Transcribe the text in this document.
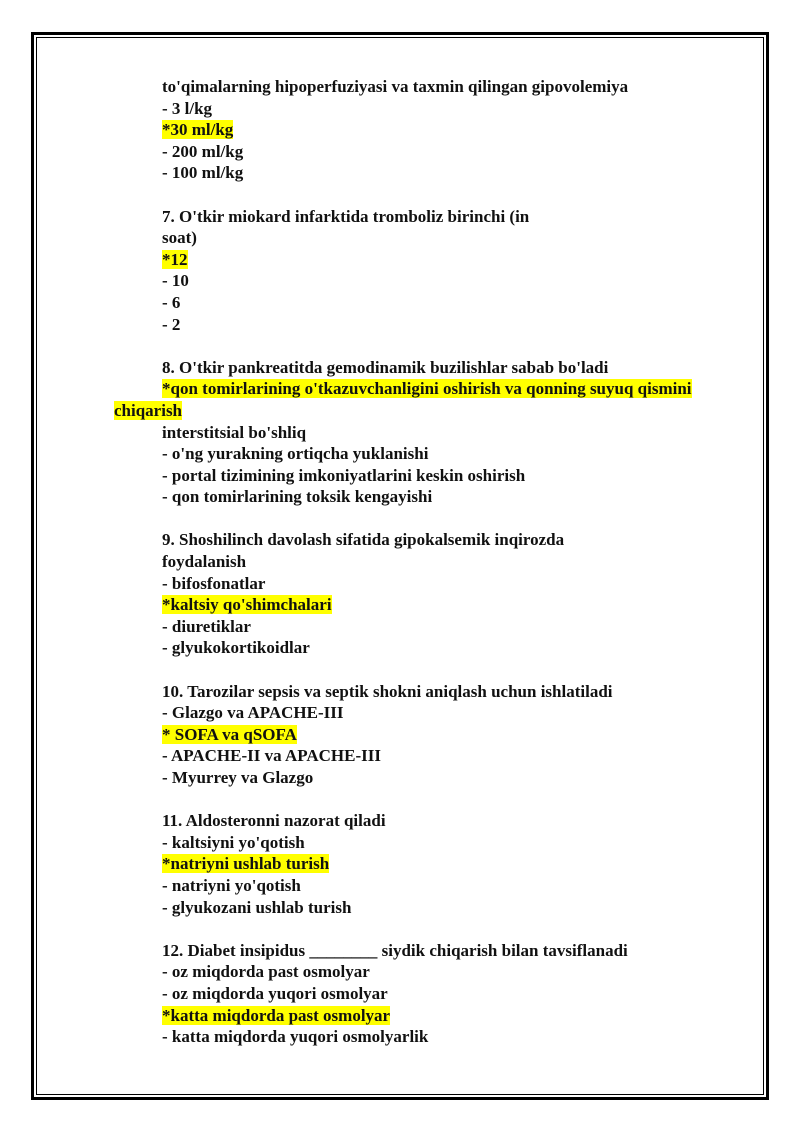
to'qimalarning hipoperfuziyasi va taxmin qilingan gipovolemiya
- 3 l/kg
*30 ml/kg
- 200 ml/kg
- 100 ml/kg
7. O'tkir miokard infarktida tromboliz birinchi (in
soat)
*12
- 10
- 6
- 2
8. O'tkir pankreatitda gemodinamik buzilishlar sabab bo'ladi
*qon tomirlarining o'tkazuvchanligini oshirish va qonning suyuq qismini
chiqarish
interstitsial bo'shliq
- o'ng yurakning ortiqcha yuklanishi
- portal tizimining imkoniyatlarini keskin oshirish
- qon tomirlarining toksik kengayishi
9. Shoshilinch davolash sifatida gipokalsemik inqirozda
foydalanish
- bifosfonatlar
*kaltsiy qo'shimchalari
- diuretiklar
- glyukokortikoidlar
10. Tarozilar sepsis va septik shokni aniqlash uchun ishlatiladi
- Glazgo va APACHE-III
* SOFA va qSOFA
- APACHE-II va APACHE-III
- Myurrey va Glazgo
11. Aldosteronni nazorat qiladi
- kaltsiyni yo'qotish
*natriyni ushlab turish
- natriyni yo'qotish
- glyukozani ushlab turish
12. Diabet insipidus ________ siydik chiqarish bilan tavsiflanadi
- oz miqdorda past osmolyar
- oz miqdorda yuqori osmolyar
*katta miqdorda past osmolyar
- katta miqdorda yuqori osmolyarlik
